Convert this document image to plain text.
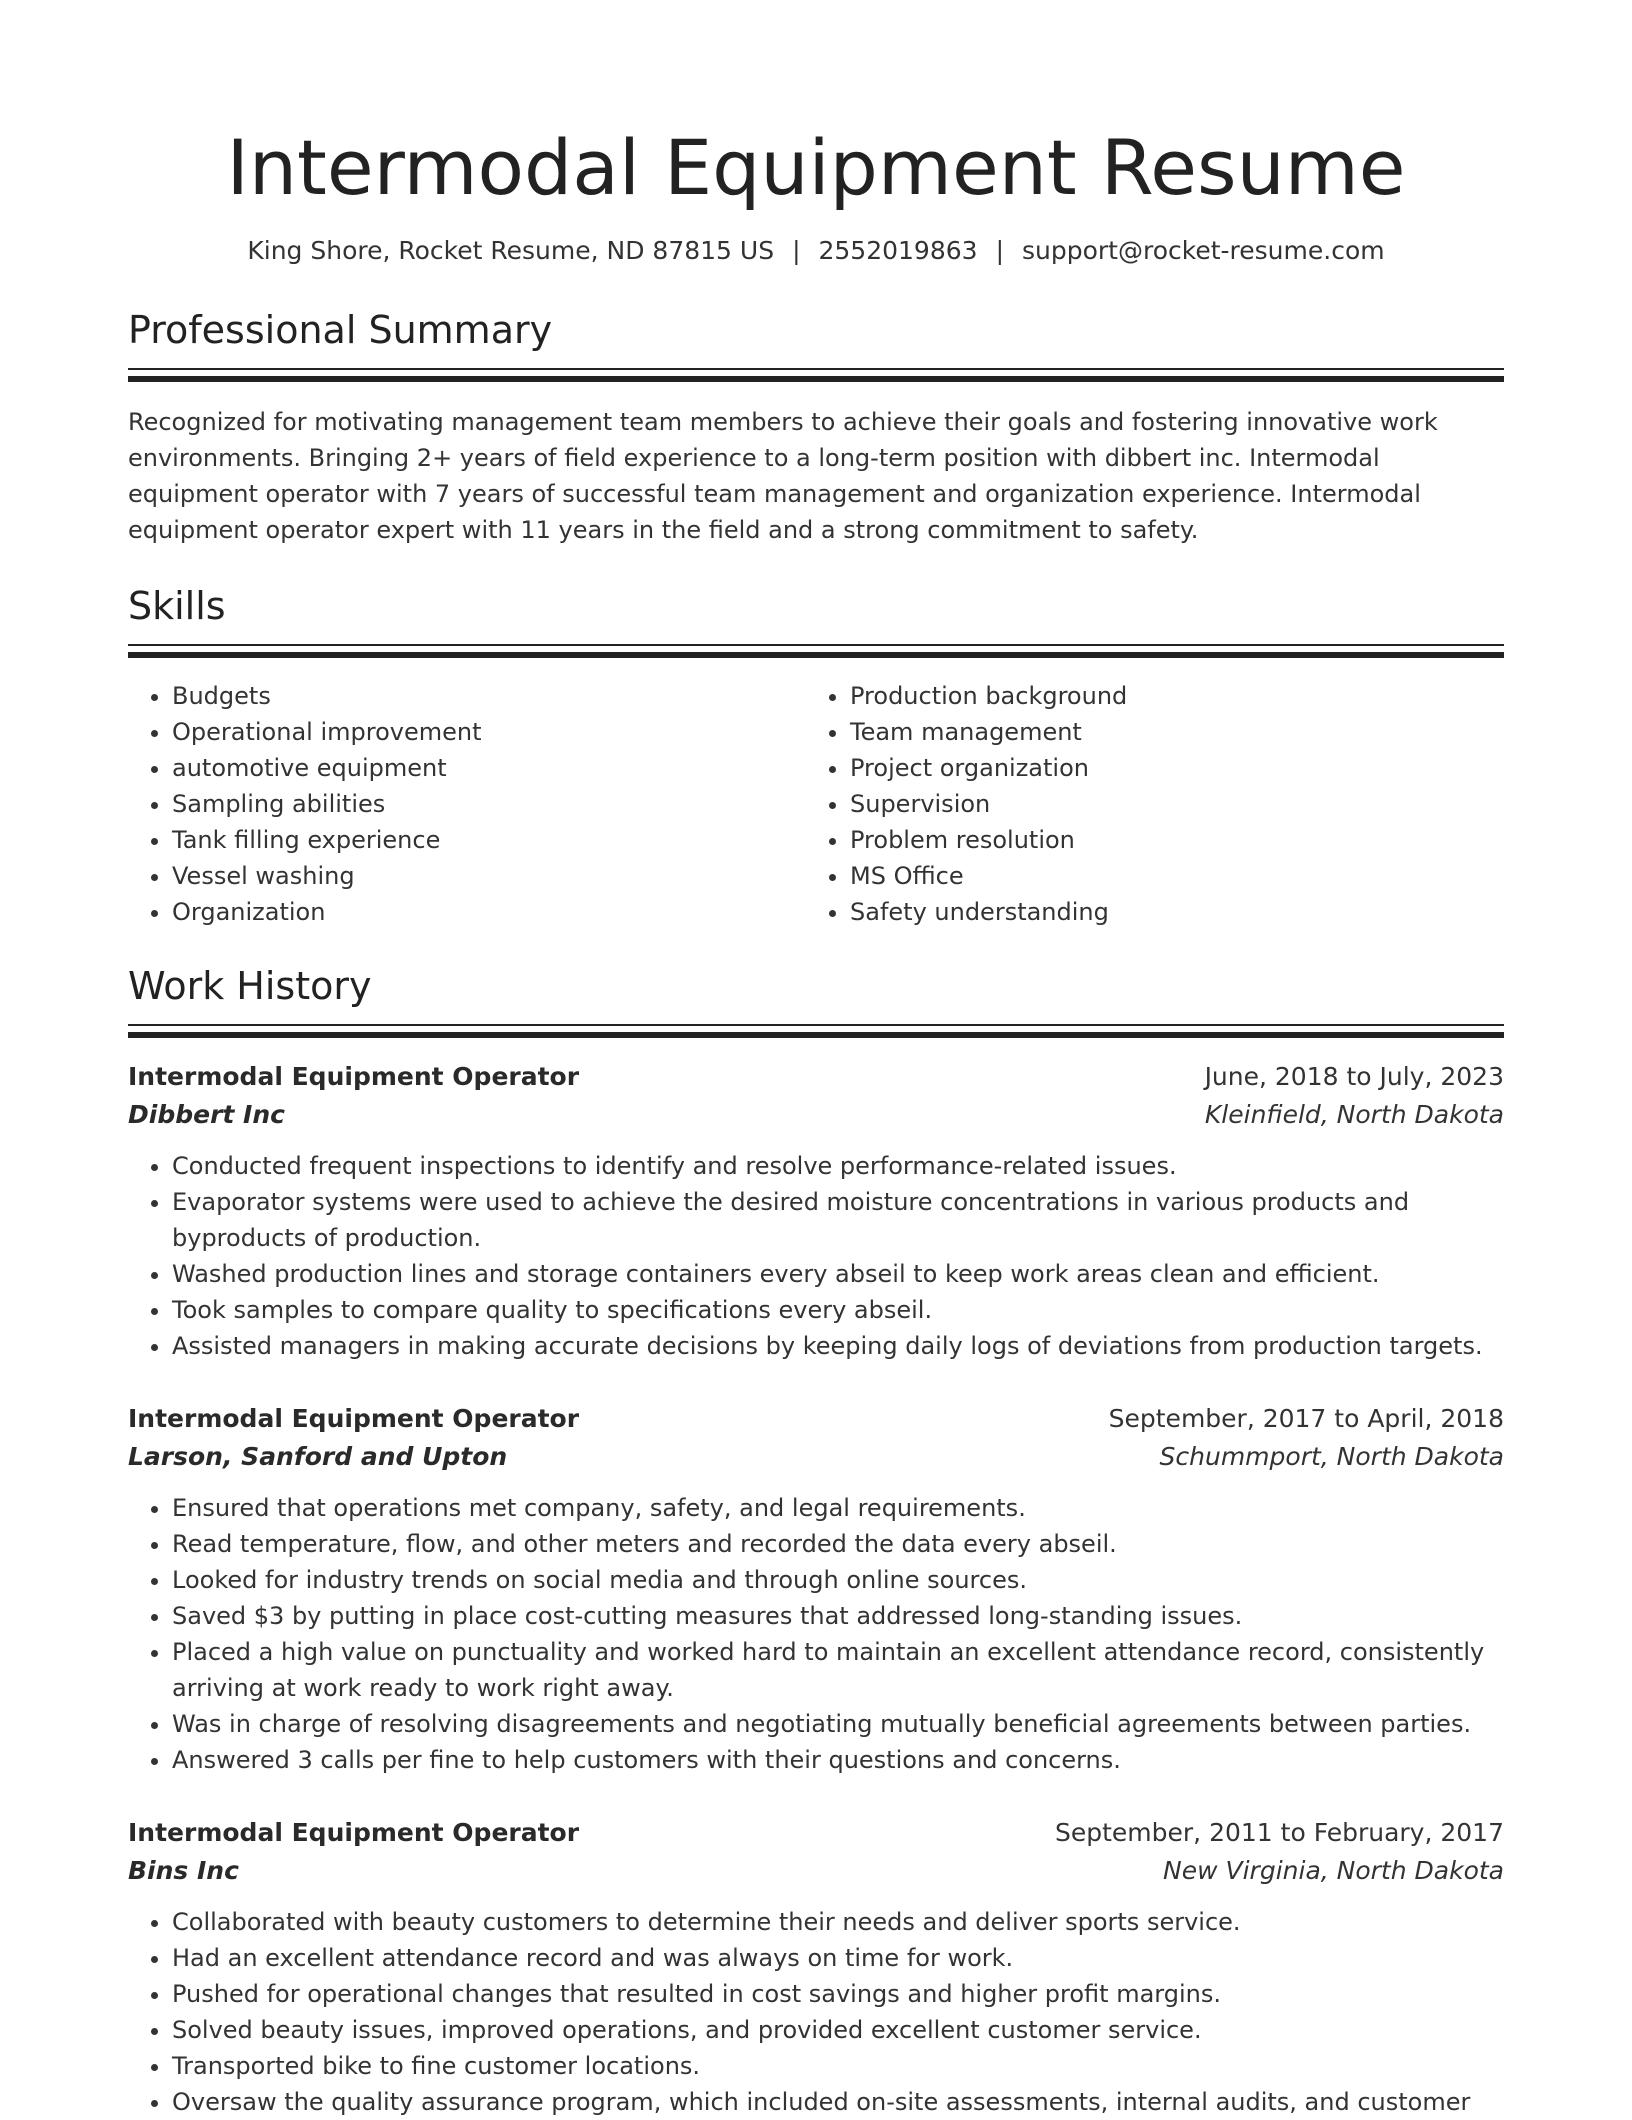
Intermodal Equipment Resume
King Shore, Rocket Resume, ND 87815 US | 2552019863 | support@rocket-resume.com
Professional Summary
Recognized for motivating management team members to achieve their goals and fostering innovative work environments. Bringing 2+ years of field experience to a long-term position with dibbert inc. Intermodal equipment operator with 7 years of successful team management and organization experience. Intermodal equipment operator expert with 11 years in the field and a strong commitment to safety.
Skills
• Budgets
• Operational improvement
• automotive equipment
• Sampling abilities
• Tank filling experience
• Vessel washing
• Organization
• Production background
• Team management
• Project organization
• Supervision
• Problem resolution
• MS Office
• Safety understanding
Work History
Intermodal Equipment Operator	June, 2018 to July, 2023
Dibbert Inc	Kleinfield, North Dakota
• Conducted frequent inspections to identify and resolve performance-related issues.
• Evaporator systems were used to achieve the desired moisture concentrations in various products and byproducts of production.
• Washed production lines and storage containers every abseil to keep work areas clean and efficient.
• Took samples to compare quality to specifications every abseil.
• Assisted managers in making accurate decisions by keeping daily logs of deviations from production targets.
Intermodal Equipment Operator	September, 2017 to April, 2018
Larson, Sanford and Upton	Schummport, North Dakota
• Ensured that operations met company, safety, and legal requirements.
• Read temperature, flow, and other meters and recorded the data every abseil.
• Looked for industry trends on social media and through online sources.
• Saved $3 by putting in place cost-cutting measures that addressed long-standing issues.
• Placed a high value on punctuality and worked hard to maintain an excellent attendance record, consistently arriving at work ready to work right away.
• Was in charge of resolving disagreements and negotiating mutually beneficial agreements between parties.
• Answered 3 calls per fine to help customers with their questions and concerns.
Intermodal Equipment Operator	September, 2011 to February, 2017
Bins Inc	New Virginia, North Dakota
• Collaborated with beauty customers to determine their needs and deliver sports service.
• Had an excellent attendance record and was always on time for work.
• Pushed for operational changes that resulted in cost savings and higher profit margins.
• Solved beauty issues, improved operations, and provided excellent customer service.
• Transported bike to fine customer locations.
• Oversaw the quality assurance program, which included on-site assessments, internal audits, and customer
